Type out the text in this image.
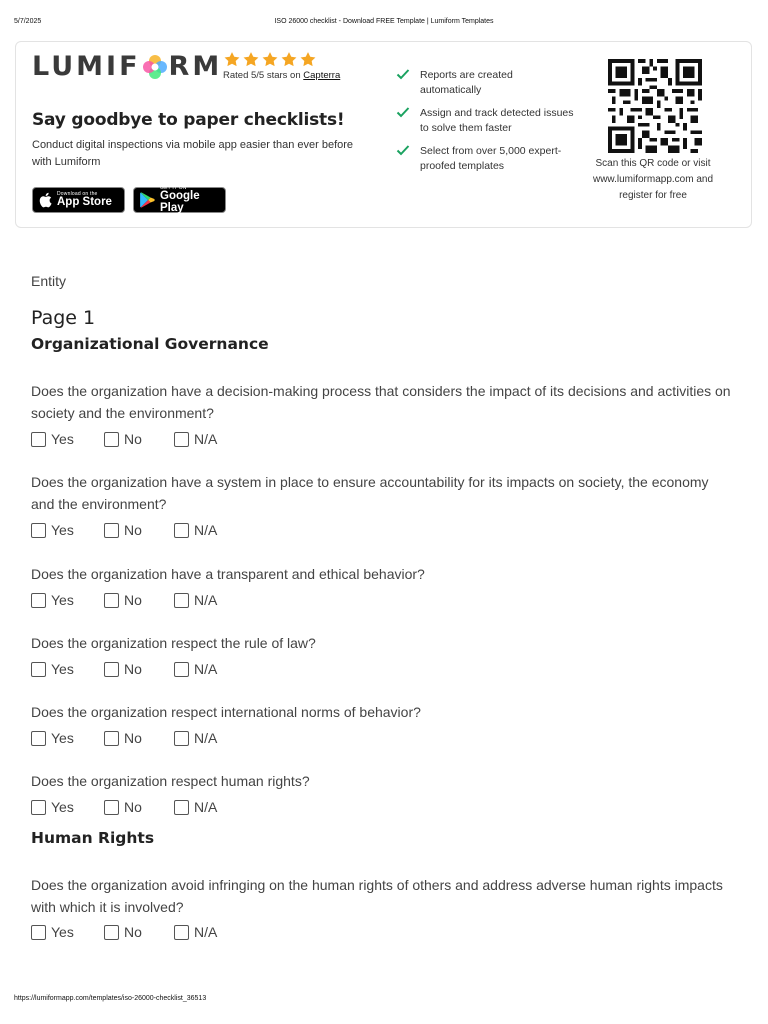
5/7/2025	ISO 26000 checklist - Download FREE Template | Lumiform Templates
LUMIF RM Rated 5/5 stars on Capterra
Say goodbye to paper checklists!
Conduct digital inspections via mobile app easier than ever before with Lumiform
Download on the
App Store
GET IT ON
Google Play
Reports are created automatically
Assign and track detected issues to solve them faster
Select from over 5,000 expert-proofed templates	Scan this QR code or visit www.lumiformapp.com and register for free
Entity
Page 1
Organizational Governance
Does the organization have a decision-making process that considers the impact of its decisions and activities on society and the environment?
Yes	No	N/A
Does the organization have a system in place to ensure accountability for its impacts on society, the economy and the environment?
Yes	No	N/A
Does the organization have a transparent and ethical behavior?
Yes	No	N/A
Does the organization respect the rule of law?
Yes	No	N/A
Does the organization respect international norms of behavior?
Yes	No	N/A
Does the organization respect human rights?
Yes	No	N/A
Human Rights
Does the organization avoid infringing on the human rights of others and address adverse human rights impacts with which it is involved?
Yes	No	N/A
https://lumiformapp.com/templates/iso-26000-checklist_36513
